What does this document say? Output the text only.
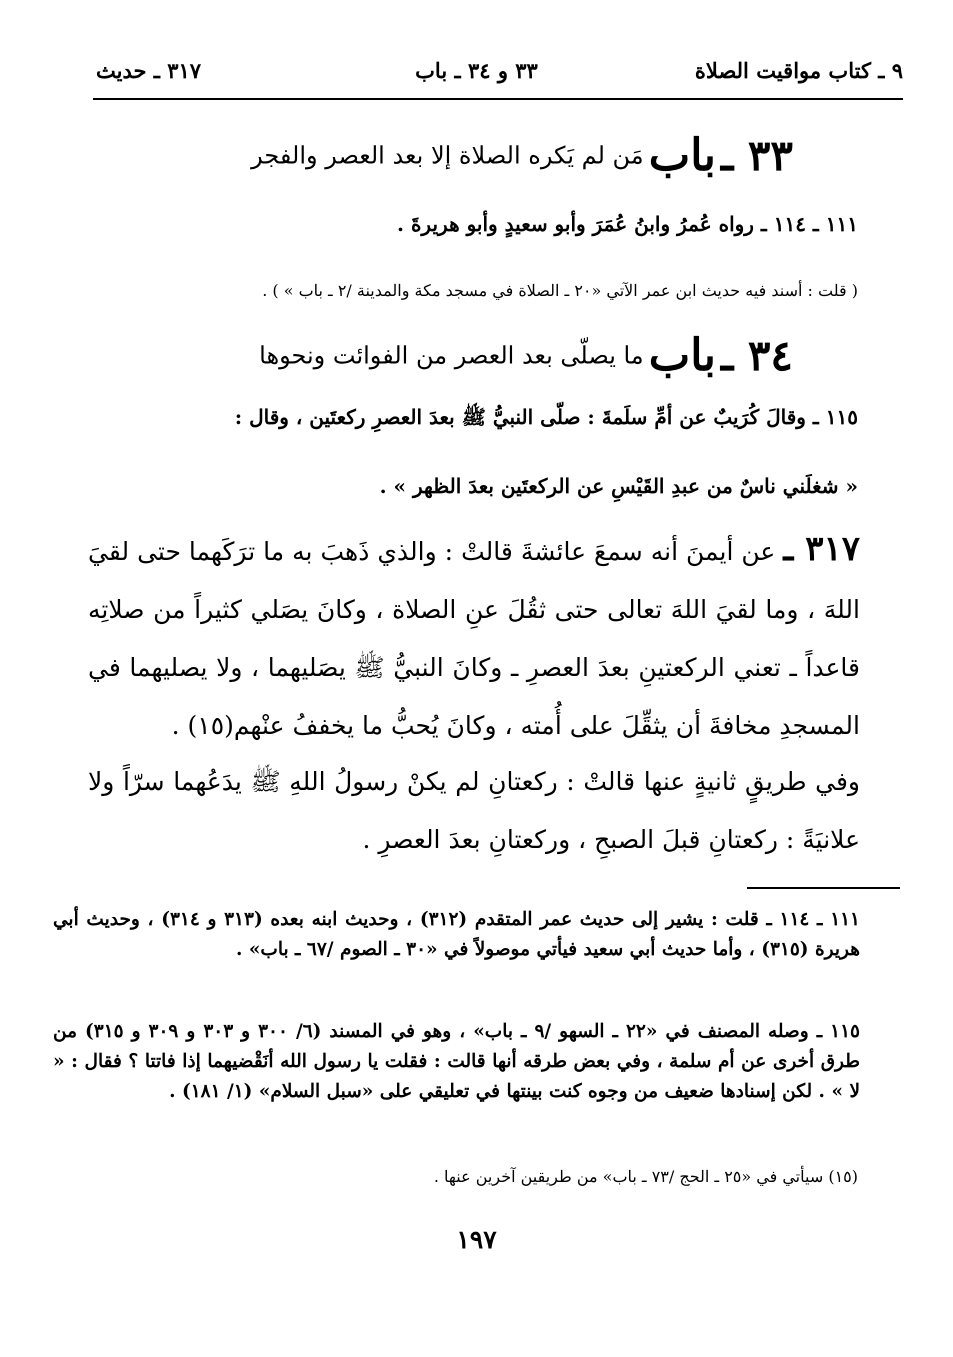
٩ ـ كتاب مواقيت الصلاة
٣٣ و ٣٤ ـ باب
٣١٧ ـ حديث
٣٣ ـ باب مَن لم يَكره الصلاة إلا بعد العصر والفجر
١١١ ـ ١١٤ ـ رواه عُمرُ وابنُ عُمَرَ وأبو سعيدٍ وأبو هريرةَ .
( قلت : أسند فيه حديث ابن عمر الآتي «٢٠ ـ الصلاة في مسجد مكة والمدينة /٢ ـ باب » ) .
٣٤ ـ باب ما يصلّى بعد العصر من الفوائت ونحوها
١١٥ ـ وقالَ كُرَيبٌ عن أمِّ سلَمةَ : صلّى النبيُّ ﷺ بعدَ العصرِ ركعتَين ، وقال :
« شغلَني ناسٌ من عبدِ القَيْسِ عن الركعتَين بعدَ الظهر » .
٣١٧ ـ عن أيمنَ أنه سمعَ عائشةَ قالتْ : والذي ذَهبَ به ما ترَكَهما حتى لقيَ اللهَ ، وما لقيَ اللهَ تعالى حتى ثقُلَ عنِ الصلاة ، وكانَ يصَلي كثيراً من صلاتِه قاعداً ـ تعني الركعتينِ بعدَ العصرِ ـ وكانَ النبيُّ ﷺ يصَليهما ، ولا يصليهما في المسجدِ مخافةَ أن يثقِّلَ على أُمته ، وكانَ يُحبُّ ما يخففُ عنْهم(١٥) .
وفي طريقٍ ثانيةٍ عنها قالتْ : ركعتانِ لم يكنْ رسولُ اللهِ ﷺ يدَعُهما سرّاً ولا علانيَةً : ركعتانِ قبلَ الصبحِ ، وركعتانِ بعدَ العصرِ .
١١١ ـ ١١٤ ـ قلت : يشير إلى حديث عمر المتقدم (٣١٢) ، وحديث ابنه بعده (٣١٣ و ٣١٤) ، وحديث أبي هريرة (٣١٥) ، وأما حديث أبي سعيد فيأتي موصولاً في «٣٠ ـ الصوم /٦٧ ـ باب» .
١١٥ ـ وصله المصنف في «٢٢ ـ السهو /٩ ـ باب» ، وهو في المسند (٦/ ٣٠٠ و ٣٠٣ و ٣٠٩ و ٣١٥) من طرق أخرى عن أم سلمة ، وفي بعض طرقه أنها قالت : فقلت يا رسول الله أنَقْضيهما إذا فاتتا ؟ فقال : « لا » . لكن إسنادها ضعيف من وجوه كنت بينتها في تعليقي على «سبل السلام» (١/ ١٨١) .
(١٥) سيأتي في «٢٥ ـ الحج /٧٣ ـ باب» من طريقين آخرين عنها .
١٩٧
